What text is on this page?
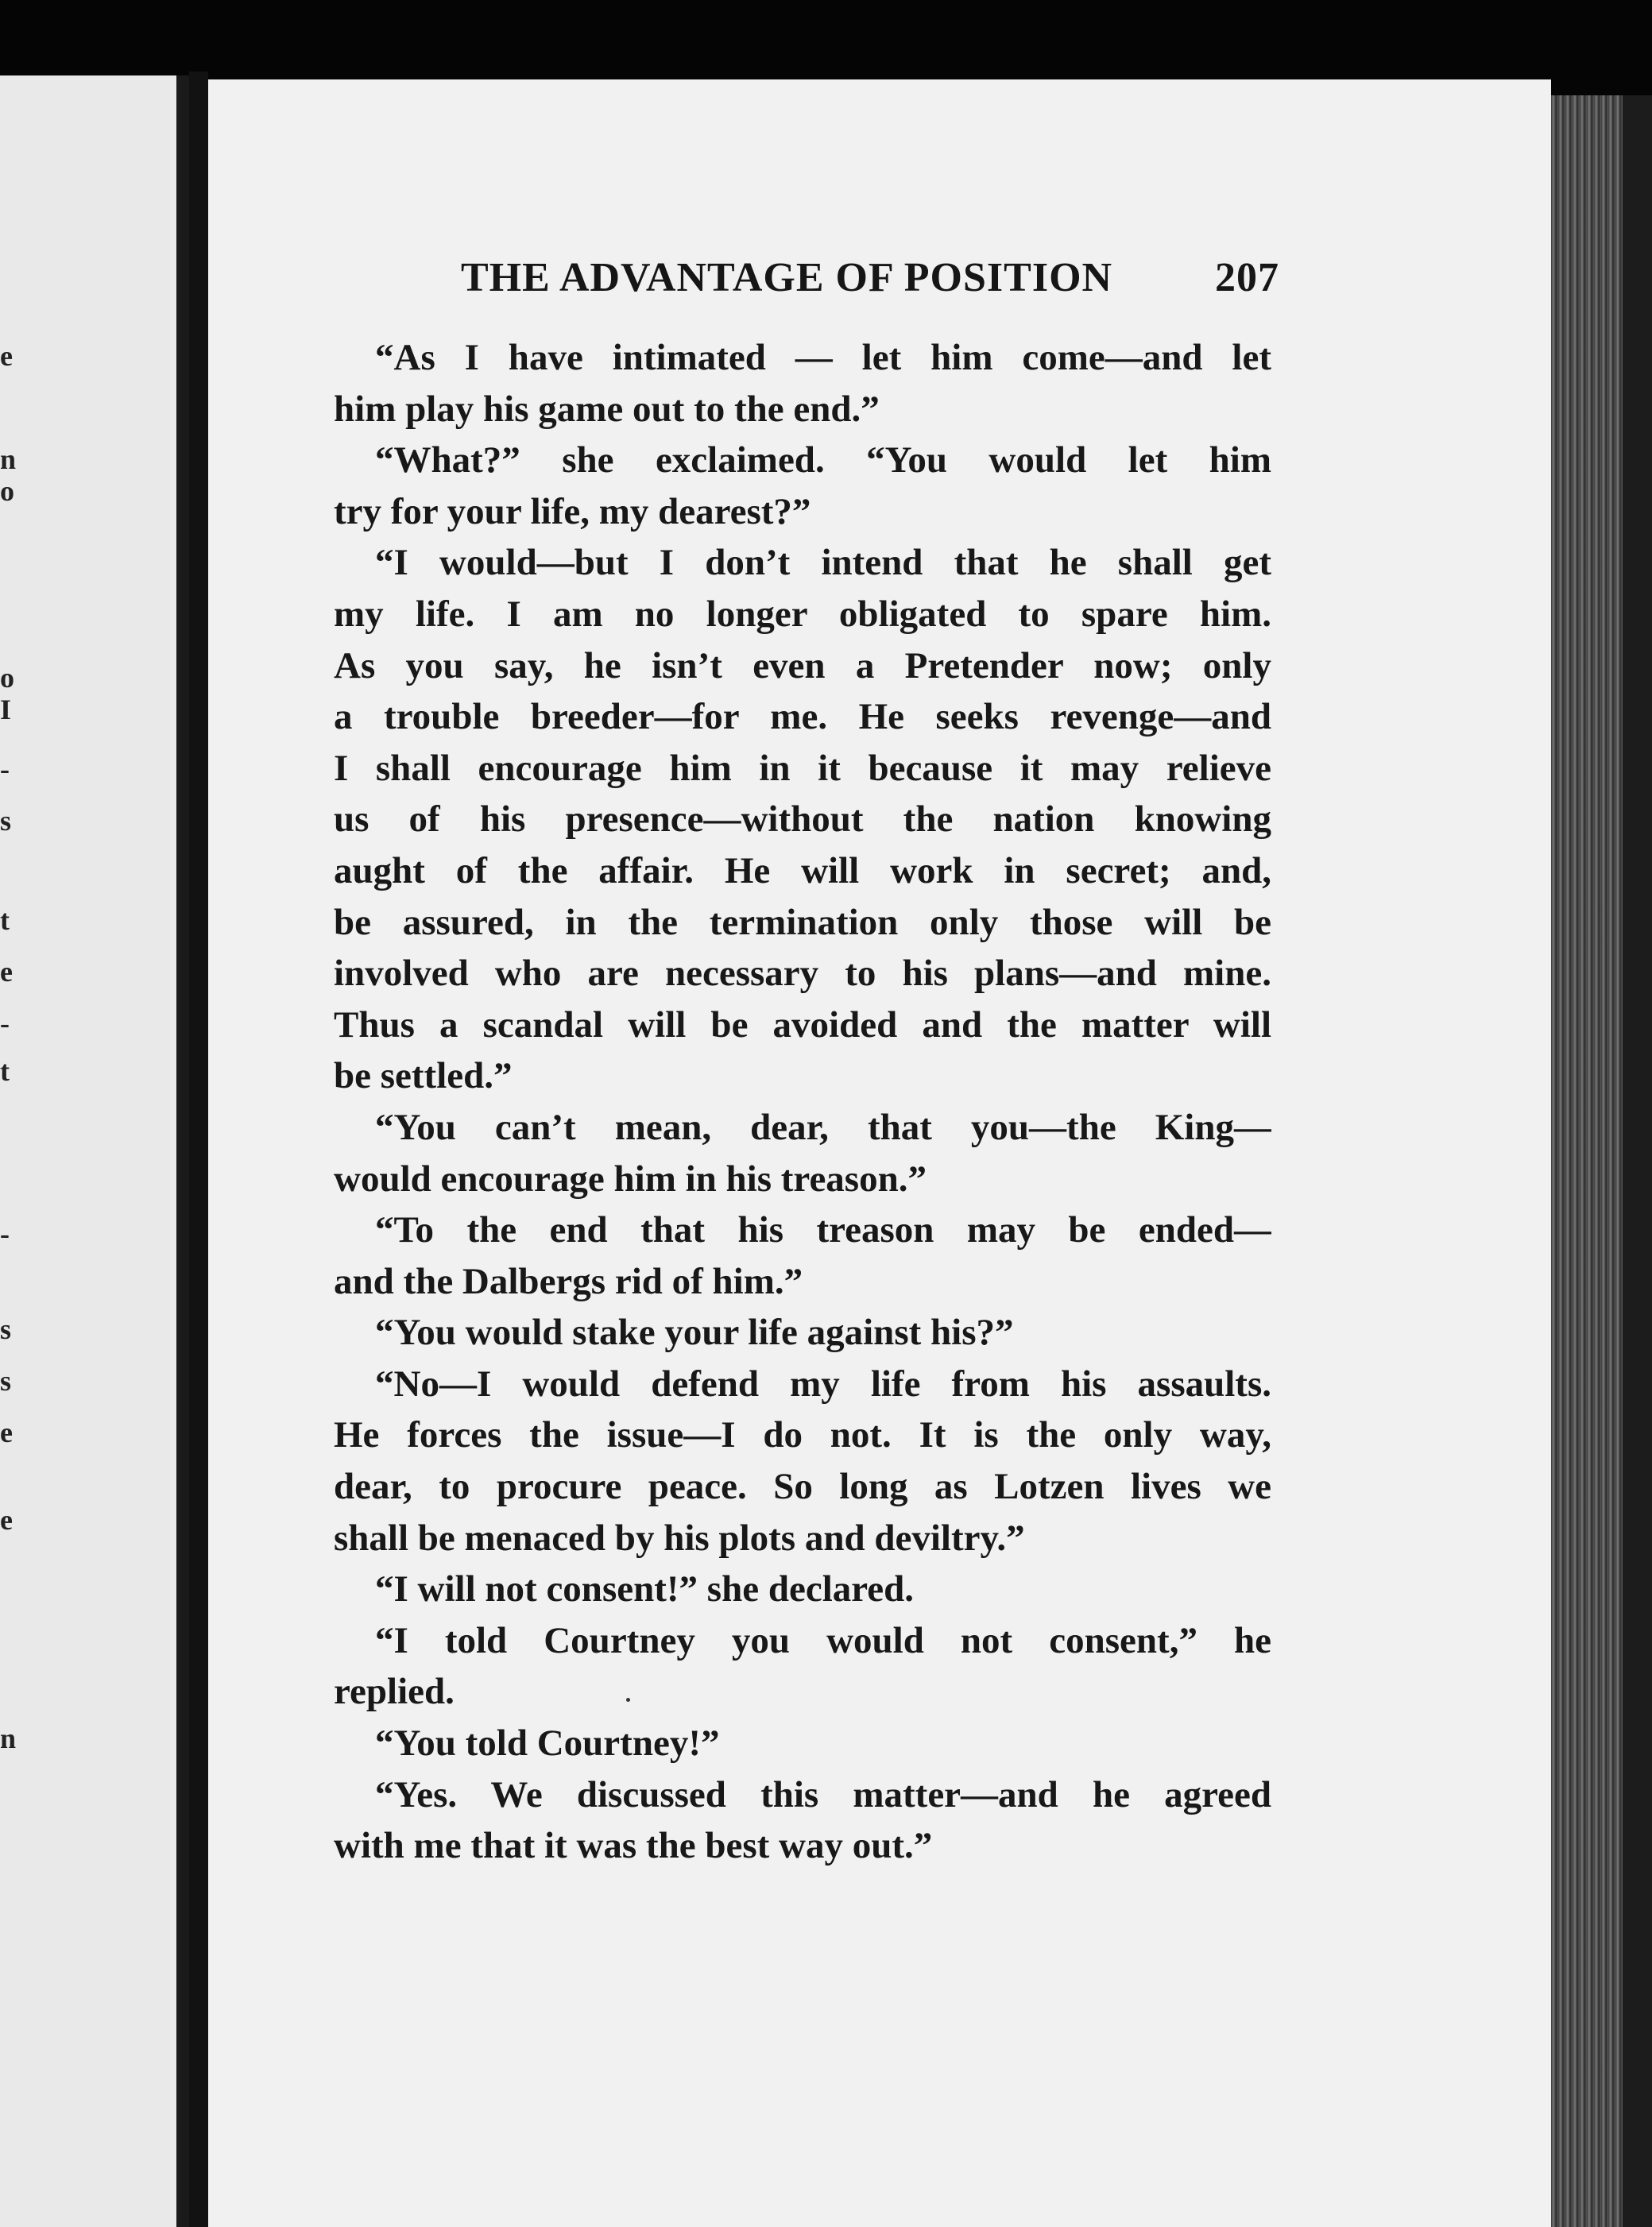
e
n
o
o
I
-
s
t
e
-
t
-
s
s
e
e
n
THE ADVANTAGE OF POSITION 207
“As I have intimated — let him come—and let
him play his game out to the end.”
“What?” she exclaimed. “You would let him
try for your life, my dearest?”
“I would—but I don’t intend that he shall get
my life. I am no longer obligated to spare him.
As you say, he isn’t even a Pretender now; only
a trouble breeder—for me. He seeks revenge—and
I shall encourage him in it because it may relieve
us of his presence—without the nation knowing
aught of the affair. He will work in secret; and,
be assured, in the termination only those will be
involved who are necessary to his plans—and mine.
Thus a scandal will be avoided and the matter will
be settled.”
“You can’t mean, dear, that you—the King—
would encourage him in his treason.”
“To the end that his treason may be ended—
and the Dalbergs rid of him.”
“You would stake your life against his?”
“No—I would defend my life from his assaults.
He forces the issue—I do not. It is the only way,
dear, to procure peace. So long as Lotzen lives we
shall be menaced by his plots and deviltry.”
“I will not consent!” she declared.
“I told Courtney you would not consent,” he
replied.
“You told Courtney!”
“Yes. We discussed this matter—and he agreed
with me that it was the best way out.”
